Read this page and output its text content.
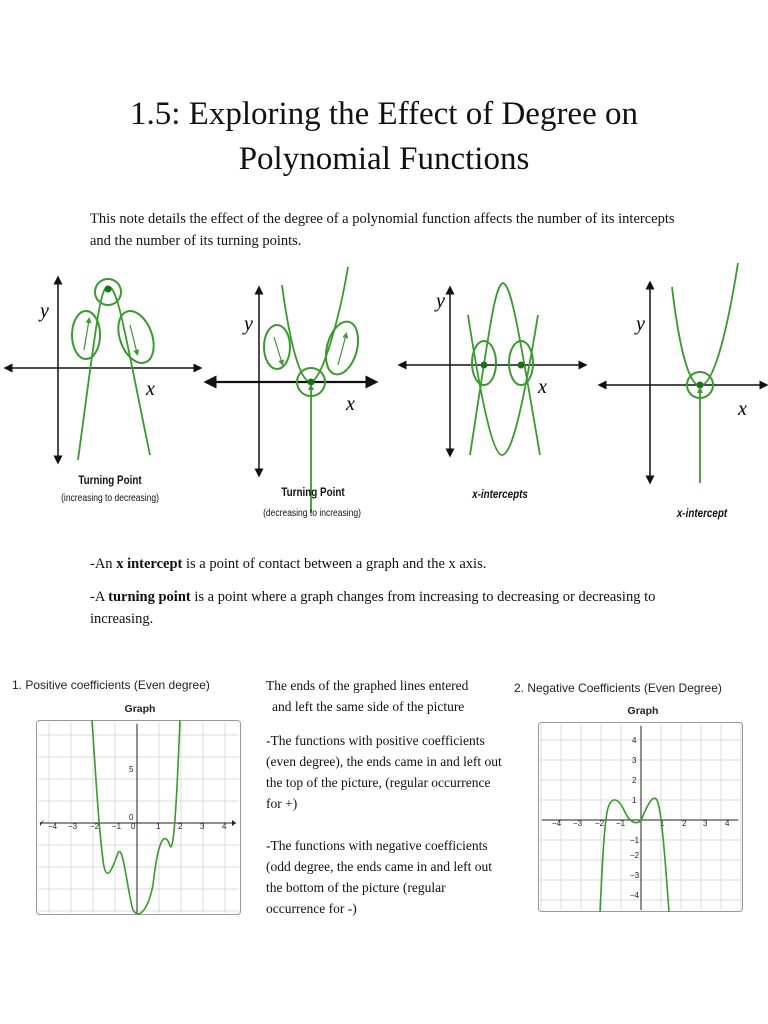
1.5: Exploring the Effect of Degree on
Polynomial Functions

This note details the effect of the degree of a polynomial function affects the number of its intercepts and the number of its turning points.

y
x
y
x
y
x
y
x
Turning Point
(increasing to decreasing)	Turning Point
(decreasing to increasing)
x-intercepts
x-intercept

-An x intercept is a point of contact between a graph and the x axis.

-A turning point is a point where a graph changes from increasing to decreasing or decreasing to increasing.

1. Positive coefficients (Even degree)
Graph
−4 −3 −2 −1 0	1 2 3 4
5
0

The ends of the graphed lines entered

and left the same side of the picture

-The functions with positive coefficients (even degree), the ends came in and left out the top of the picture, (regular occurrence for +)

-The functions with negative coefficients (odd degree, the ends came in and left out the bottom of the picture (regular occurrence for -)

2. Negative Coefficients (Even Degree)
Graph
−4 −3 −2 −1	1 2 3 4
4
3
2
1
−1
−2
−3
−4
